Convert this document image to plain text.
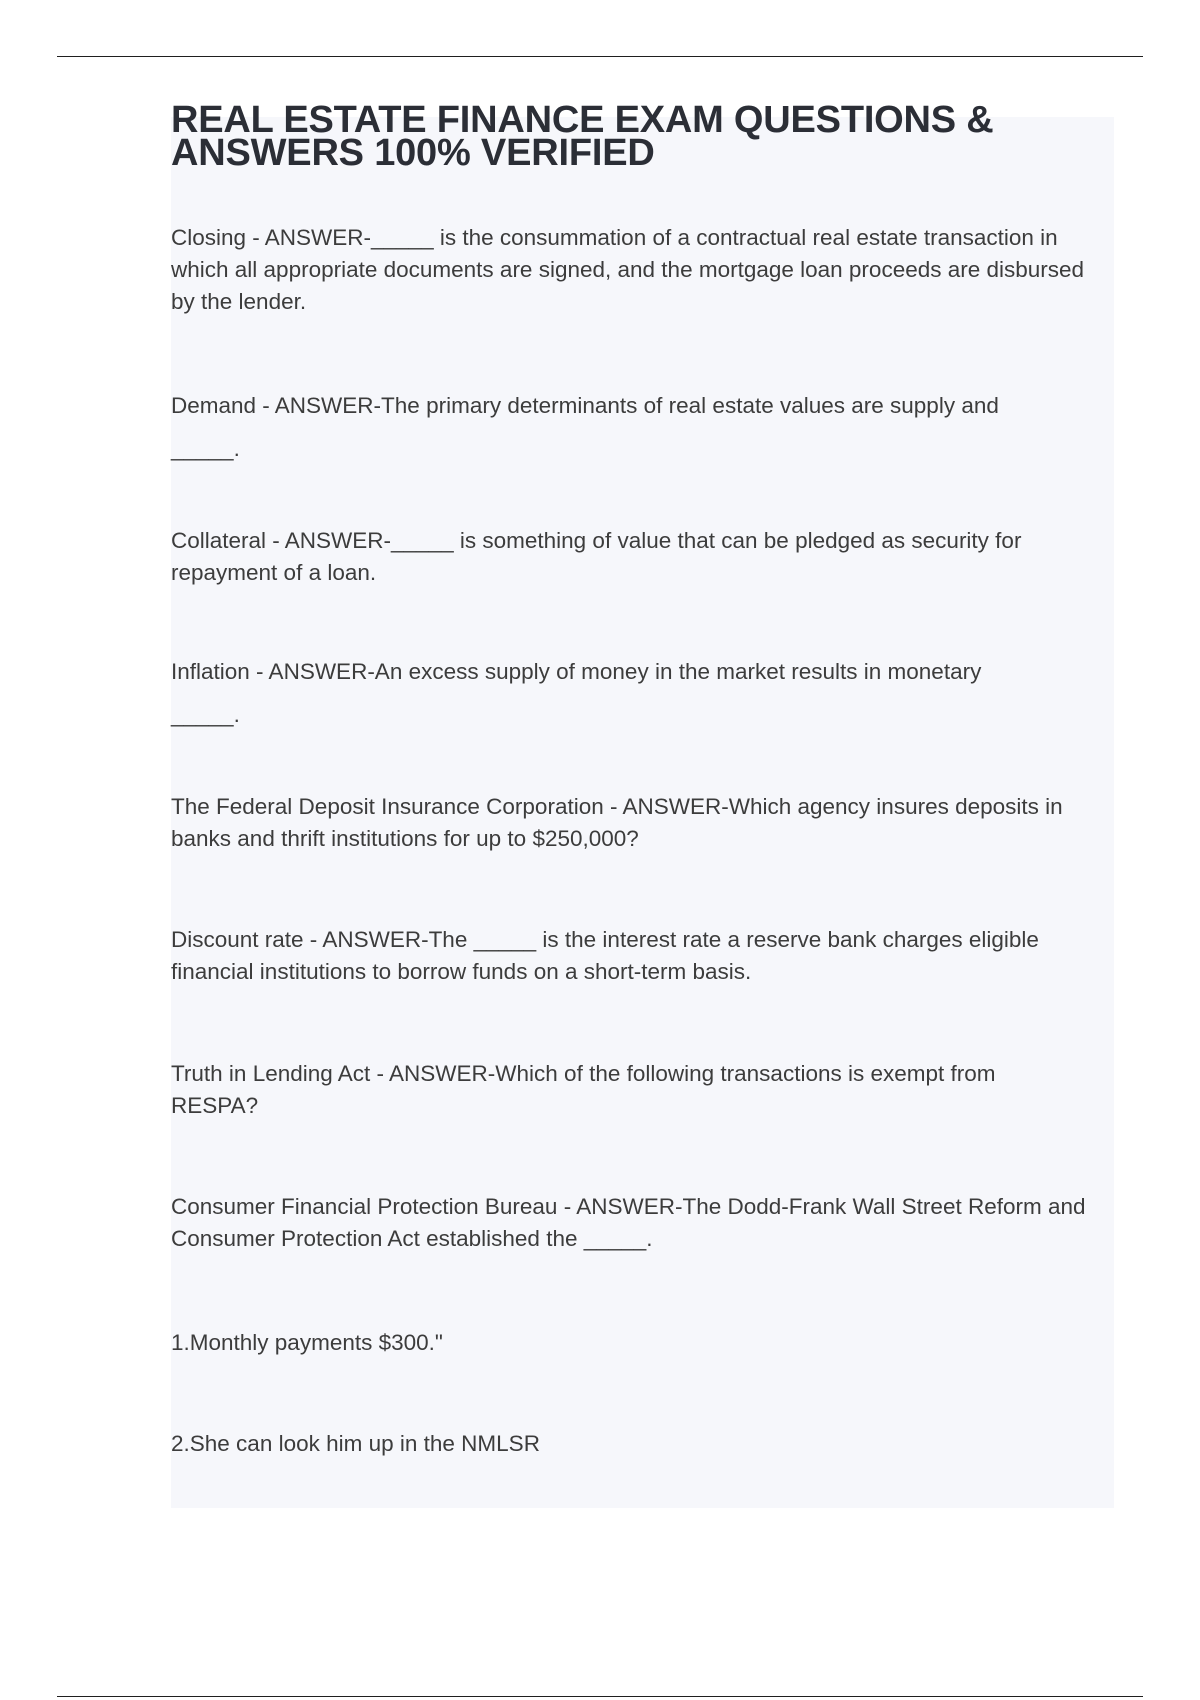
REAL ESTATE FINANCE EXAM QUESTIONS & ANSWERS 100% VERIFIED

Closing - ANSWER-_____ is the consummation of a contractual real estate transaction in which all appropriate documents are signed, and the mortgage loan proceeds are disbursed by the lender.

Demand - ANSWER-The primary determinants of real estate values are supply and _____.

Collateral - ANSWER-_____ is something of value that can be pledged as security for repayment of a loan.

Inflation - ANSWER-An excess supply of money in the market results in monetary _____.

The Federal Deposit Insurance Corporation - ANSWER-Which agency insures deposits in banks and thrift institutions for up to $250,000?

Discount rate - ANSWER-The _____ is the interest rate a reserve bank charges eligible financial institutions to borrow funds on a short-term basis.

Truth in Lending Act - ANSWER-Which of the following transactions is exempt from RESPA?

Consumer Financial Protection Bureau - ANSWER-The Dodd-Frank Wall Street Reform and Consumer Protection Act established the _____.

1.Monthly payments $300."

2.She can look him up in the NMLSR
